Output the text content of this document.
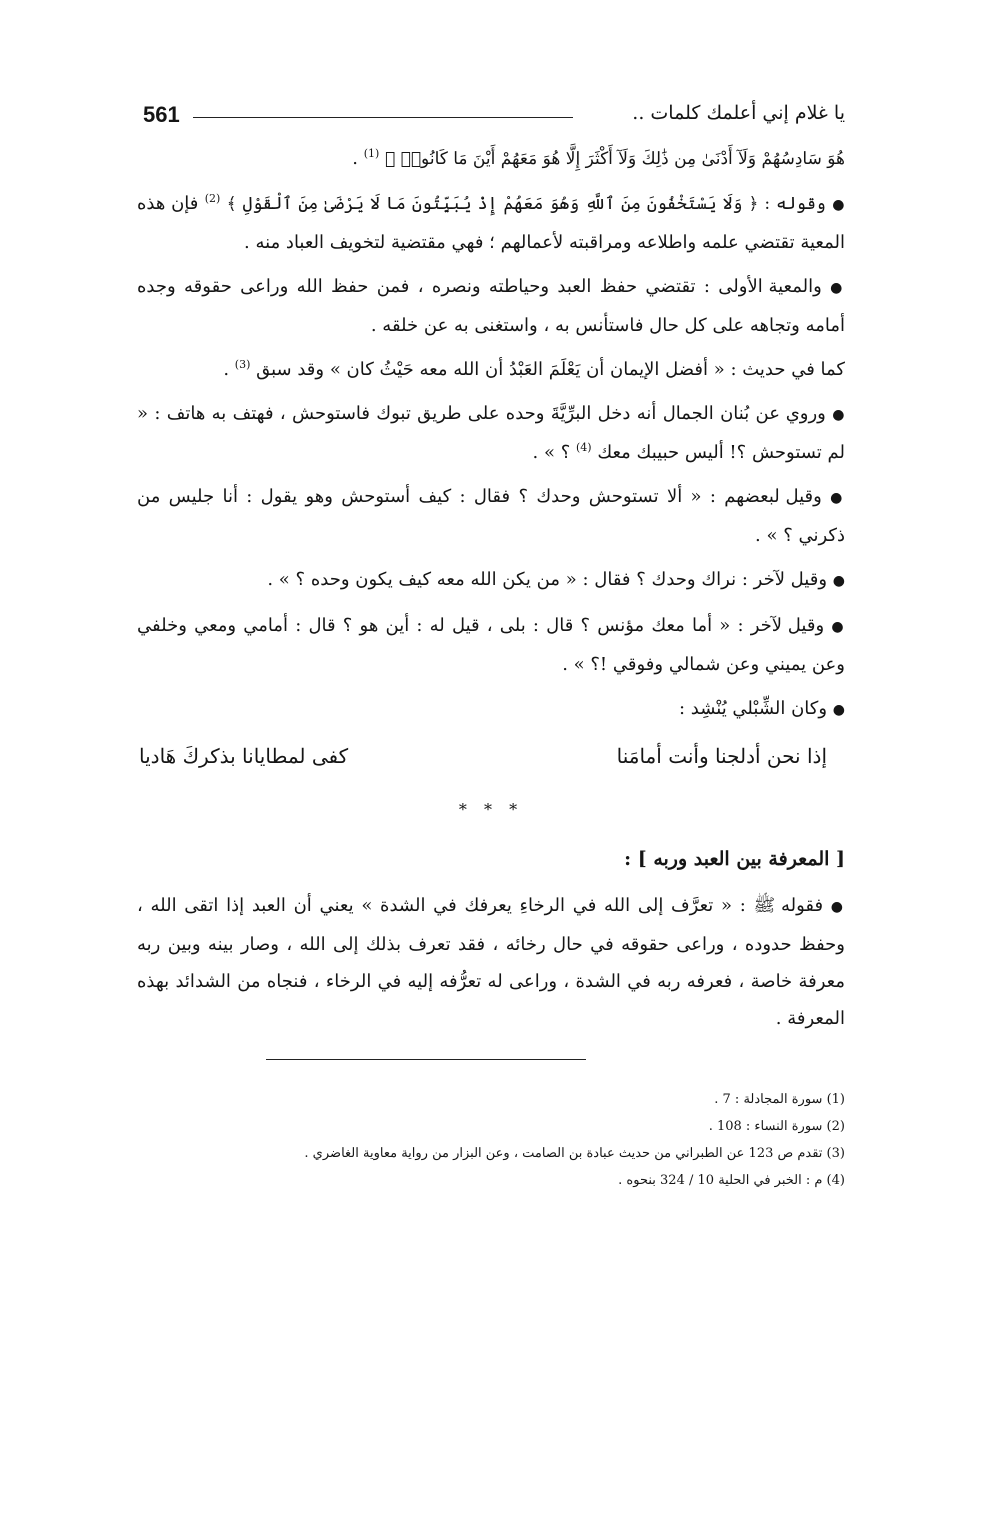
561	يا غلام إني أعلمك كلمات ..

هُوَ سَادِسُهُمْ وَلَآ أَدْنَىٰ مِن ذَٰلِكَ وَلَآ أَكْثَرَ إِلَّا هُوَ مَعَهُمْ أَيْنَ مَا كَانُوا۟ ﴾ $^{(1)}$ .

● وقوله : ﴿ وَلَا يَسْتَخْفُونَ مِنَ ٱللَّهِ وَهُوَ مَعَهُمْ إِذْ يُبَيِّتُونَ مَا لَا يَرْضَىٰ مِنَ ٱلْقَوْلِ ﴾ $^{(2)}$ فإن هذه المعية تقتضي علمه واطلاعه ومراقبته لأعمالهم ؛ فهي مقتضية لتخويف العباد منه .

● والمعية الأولى : تقتضي حفظ العبد وحياطته ونصره ، فمن حفظ الله وراعى حقوقه وجده أمامه وتجاهه على كل حال فاستأنس به ، واستغنى به عن خلقه .

كما في حديث : « أفضل الإيمان أن يَعْلَمَ العَبْدُ أن الله معه حَيْثُ كان » وقد سبق $^{(3)}$ .

● وروي عن بُنان الجمال أنه دخل البرِّيَّةَ وحده على طريق تبوك فاستوحش ، فهتف به هاتف : « لم تستوحش ؟! أليس حبيبك معك $^{(4)}$ ؟ » .

● وقيل لبعضهم : « ألا تستوحش وحدك ؟ فقال : كيف أستوحش وهو يقول : أنا جليس من ذكرني ؟ » .

● وقيل لآخر : نراك وحدك ؟ فقال : « من يكن الله معه كيف يكون وحده ؟ » .

● وقيل لآخر : « أما معك مؤنس ؟ قال : بلى ، قيل له : أين هو ؟ قال : أمامي ومعي وخلفي وعن يميني وعن شمالي وفوقي !؟ » .

● وكان الشِّبْلي يُنْشِد :

إذا نحن أدلجنا وأنت أمامَنا
كفى لمطايانا بذكركَ هَاديا
* * *
[ المعرفة بين العبد وربه ] :

● فقوله ﷺ : « تعرَّف إلى الله في الرخاءِ يعرفك في الشدة » يعني أن العبد إذا اتقى الله ، وحفظ حدوده ، وراعى حقوقه في حال رخائه ، فقد تعرف بذلك إلى الله ، وصار بينه وبين ربه معرفة خاصة ، فعرفه ربه في الشدة ، وراعى له تعرُّفه إليه في الرخاء ، فنجاه من الشدائد بهذه المعرفة .

(1) سورة المجادلة : 7 .

(2) سورة النساء : 108 .

(3) تقدم ص 123 عن الطبراني من حديث عبادة بن الصامت ، وعن البزار من رواية معاوية الغاضري .

(4) م : الخبر في الحلية 10 / 324 بنحوه .
